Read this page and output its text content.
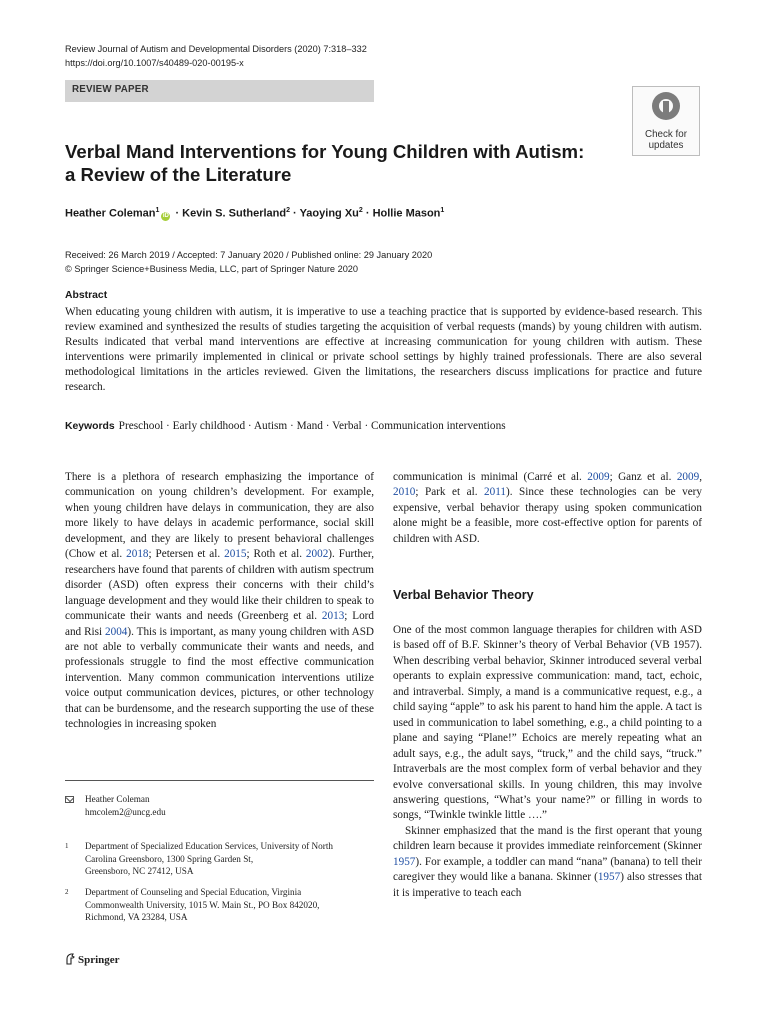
Review Journal of Autism and Developmental Disorders (2020) 7:318–332
https://doi.org/10.1007/s40489-020-00195-x
REVIEW PAPER
Check for
updates
Verbal Mand Interventions for Young Children with Autism:
a Review of the Literature
Heather Coleman$^1$iD · Kevin S. Sutherland$^2$ · Yaoying $Xu^2$ · Hollie Mason$^1$
Received: 26 March 2019 / Accepted: 7 January 2020 / Published online: 29 January 2020
© Springer Science+Business Media, LLC, part of Springer Nature 2020
Abstract
When educating young children with autism, it is imperative to use a teaching practice that is supported by evidence-based research. This review examined and synthesized the results of studies targeting the acquisition of verbal requests (mands) by young children with autism. Results indicated that verbal mand interventions are effective at increasing communication for young children with autism. These interventions were primarily implemented in clinical or private school settings by highly trained professionals. There are also several methodological limitations in the articles reviewed. Given the limitations, the researchers discuss implications for practice and future research.
Keywords Preschool · Early childhood · Autism · Mand · Verbal · Communication interventions

There is a plethora of research emphasizing the importance of communication on young children’s development. For example, when young children have delays in communication, they are also more likely to have delays in academic performance, social skill development, and they are likely to present behavioral challenges (Chow et al. 2018; Petersen et al. 2015; Roth et al. 2002). Further, researchers have found that parents of children with autism spectrum disorder (ASD) often express their concerns with their child’s language development and they would like their children to speak to communicate their wants and needs (Greenberg et al. 2013; Lord and Risi 2004). This is important, as many young children with ASD are not able to verbally communicate their wants and needs, and professionals struggle to find the most effective communication intervention. Many common communication interventions utilize voice output communication devices, pictures, or other technology that can be burdensome, and the research supporting the use of these technologies in increasing spoken

communication is minimal (Carré et al. 2009; Ganz et al. 2009, 2010; Park et al. 2011). Since these technologies can be very expensive, verbal behavior therapy using spoken communication alone might be a feasible, more cost-effective option for parents of children with ASD.

Verbal Behavior Theory

One of the most common language therapies for children with ASD is based off of B.F. Skinner’s theory of Verbal Behavior (VB 1957). When describing verbal behavior, Skinner introduced several verbal operants to explain expressive communication: mand, tact, echoic, and intraverbal. Simply, a mand is a communicative request, e.g., a child saying “apple” to ask his parent to hand him the apple. A tact is used in communication to label something, e.g., a child pointing to a plane and saying “Plane!” Echoics are merely repeating what an adult says, e.g., the adult says, “truck,” and the child says, “truck.” Intraverbals are the most complex form of verbal behavior and they evolve conversational skills. In young children, this may involve answering questions, “What’s your name?” or filling in words to songs, “Twinkle twinkle little ….”

Skinner emphasized that the mand is the first operant that young children learn because it provides immediate reinforcement (Skinner 1957). For example, a toddler can mand “nana” (banana) to tell their caregiver they would like a banana. Skinner (1957) also stresses that it is imperative to teach each

Heather Coleman
hmcolem2@uncg.edu
1 Department of Specialized Education Services, University of North
Carolina Greensboro, 1300 Spring Garden St,
Greensboro, NC 27412, USA
2 Department of Counseling and Special Education, Virginia
Commonwealth University, 1015 W. Main St., PO Box 842020,
Richmond, VA 23284, USA
Springer
